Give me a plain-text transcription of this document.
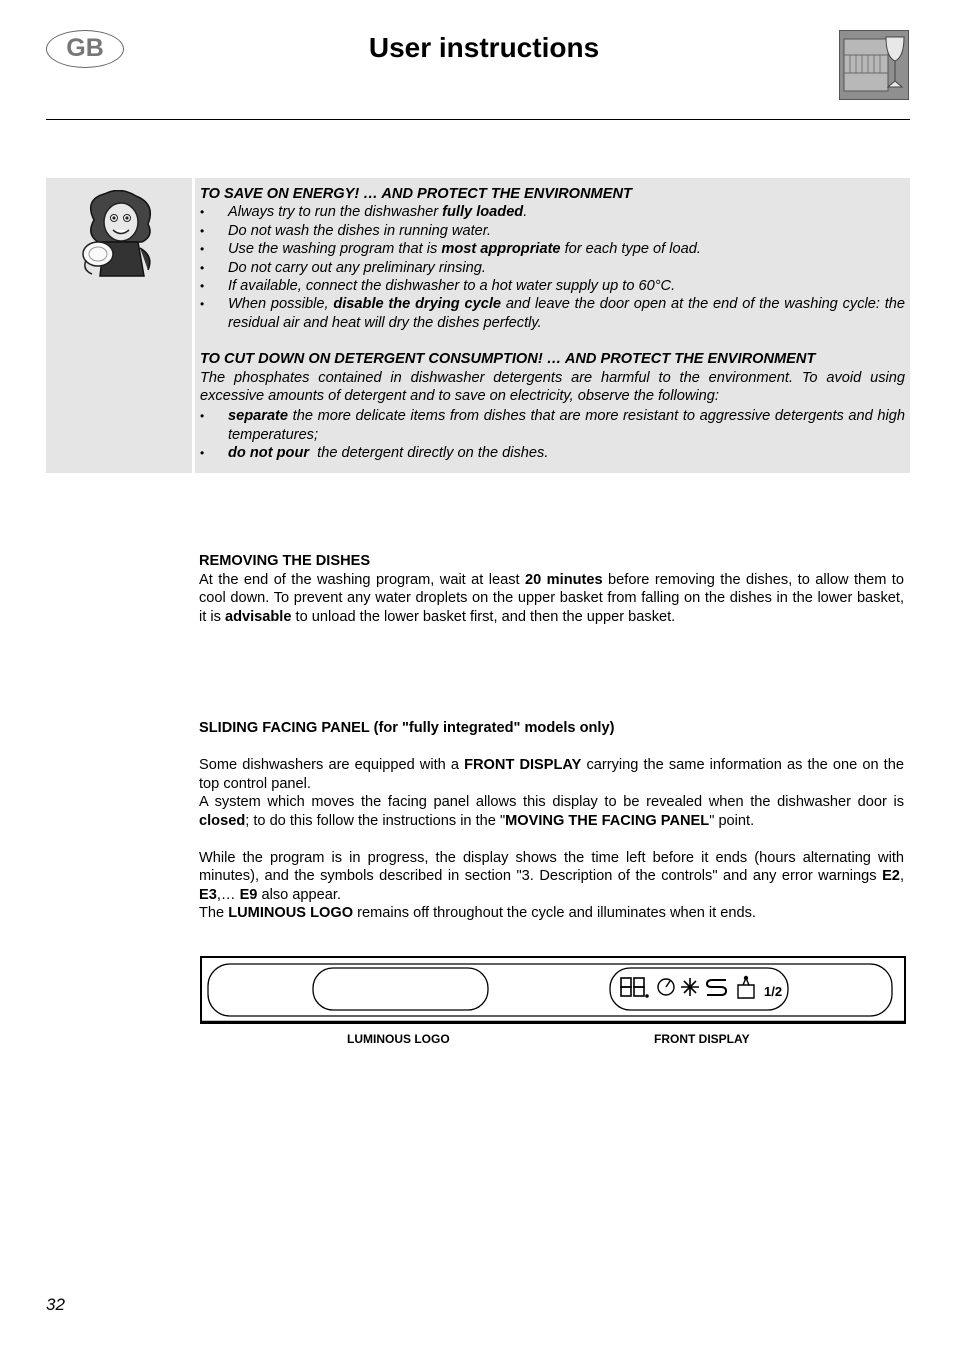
GB	User instructions
TO SAVE ON ENERGY! … AND PROTECT THE ENVIRONMENT
• Always try to run the dishwasher fully loaded.
• Do not wash the dishes in running water.
• Use the washing program that is most appropriate for each type of load.
• Do not carry out any preliminary rinsing.
• If available, connect the dishwasher to a hot water supply up to 60°C.
• When possible, disable the drying cycle and leave the door open at the end of the washing cycle: the residual air and heat will dry the dishes perfectly.
TO CUT DOWN ON DETERGENT CONSUMPTION! … AND PROTECT THE ENVIRONMENT
The phosphates contained in dishwasher detergents are harmful to the environment. To avoid using excessive amounts of detergent and to save on electricity, observe the following:
• separate the more delicate items from dishes that are more resistant to aggressive detergents and high temperatures;
• do not pour  the detergent directly on the dishes.
REMOVING THE DISHES

At the end of the washing program, wait at least 20 minutes before removing the dishes, to allow them to cool down. To prevent any water droplets on the upper basket from falling on the dishes in the lower basket, it is advisable to unload the lower basket first, and then the upper basket.

SLIDING FACING PANEL (for "fully integrated" models only)

Some dishwashers are equipped with a FRONT DISPLAY carrying the same information as the one on the top control panel.

A system which moves the facing panel allows this display to be revealed when the dishwasher door is closed; to do this follow the instructions in the "MOVING THE FACING PANEL" point.

While the program is in progress, the display shows the time left before it ends (hours alternating with minutes), and the symbols described in section "3. Description of the controls" and any error warnings E2, E3,… E9 also appear.

The LUMINOUS LOGO remains off throughout the cycle and illuminates when it ends.

1/2
LUMINOUS LOGO	FRONT DISPLAY
32
